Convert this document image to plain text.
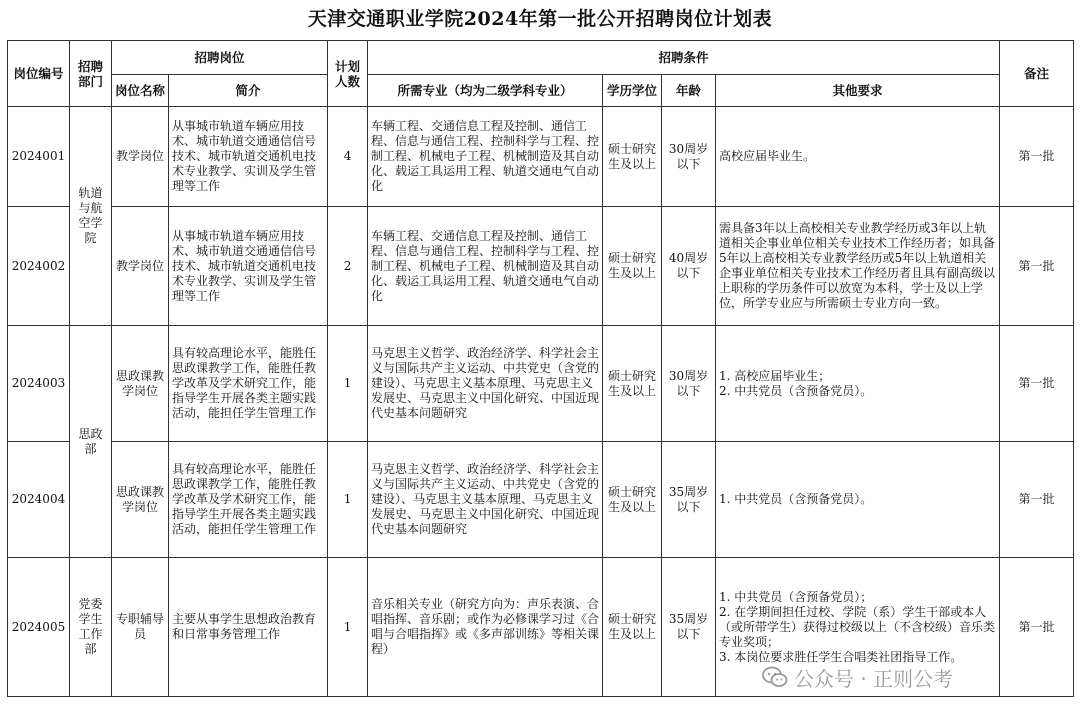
天津交通职业学院2024年第一批公开招聘岗位计划表
岗位编号	招聘部门	招聘岗位		计划人数	招聘条件				备注
		岗位名称	简介		所需专业（均为二级学科专业）	学历学位	年龄	其他要求	
2024001	轨道与航空学院	教学岗位	从事城市轨道车辆应用技术、城市轨道交通通信信号技术、城市轨道交通机电技术专业教学、实训及学生管理等工作	4	车辆工程、交通信息工程及控制、通信工程、信息与通信工程、控制科学与工程、控制工程、机械电子工程、机械制造及其自动化、载运工具运用工程、轨道交通电气自动化	硕士研究生及以上	30周岁以下	高校应届毕业生。	第一批
2024002		教学岗位	从事城市轨道车辆应用技术、城市轨道交通通信信号技术、城市轨道交通机电技术专业教学、实训及学生管理等工作	2	车辆工程、交通信息工程及控制、通信工程、信息与通信工程、控制科学与工程、控制工程、机械电子工程、机械制造及其自动化、载运工具运用工程、轨道交通电气自动化	硕士研究生及以上	40周岁以下	需具备3年以上高校相关专业教学经历或3年以上轨道相关企事业单位相关专业技术工作经历者；如具备5年以上高校相关专业教学经历或5年以上轨道相关企事业单位相关专业技术工作经历者且具有副高级以上职称的学历条件可以放宽为本科，学士及以上学位，所学专业应与所需硕士专业方向一致。	第一批
2024003	思政部	思政课教学岗位	具有较高理论水平，能胜任思政课教学工作，能胜任教学改革及学术研究工作，能指导学生开展各类主题实践活动，能担任学生管理工作	1	马克思主义哲学、政治经济学、科学社会主义与国际共产主义运动、中共党史（含党的建设）、马克思主义基本原理、马克思主义发展史、马克思主义中国化研究、中国近现代史基本问题研究	硕士研究生及以上	30周岁以下	1. 高校应届毕业生；
2. 中共党员（含预备党员）。	第一批
2024004		思政课教学岗位	具有较高理论水平，能胜任思政课教学工作，能胜任教学改革及学术研究工作，能指导学生开展各类主题实践活动，能担任学生管理工作	1	马克思主义哲学、政治经济学、科学社会主义与国际共产主义运动、中共党史（含党的建设）、马克思主义基本原理、马克思主义发展史、马克思主义中国化研究、中国近现代史基本问题研究	硕士研究生及以上	35周岁以下	1. 中共党员（含预备党员）。	第一批
2024005	党委学生工作部	专职辅导员	主要从事学生思想政治教育和日常事务管理工作	1	音乐相关专业（研究方向为：声乐表演、合唱指挥、音乐剧；或作为必修课学习过《合唱与合唱指挥》或《多声部训练》等相关课程）	硕士研究生及以上	35周岁以下	1. 中共党员（含预备党员）；
2. 在学期间担任过校、学院（系）学生干部或本人（或所带学生）获得过校级以上（不含校级）音乐类专业奖项；
3. 本岗位要求胜任学生合唱类社团指导工作。	第一批
公众号 · 正则公考
